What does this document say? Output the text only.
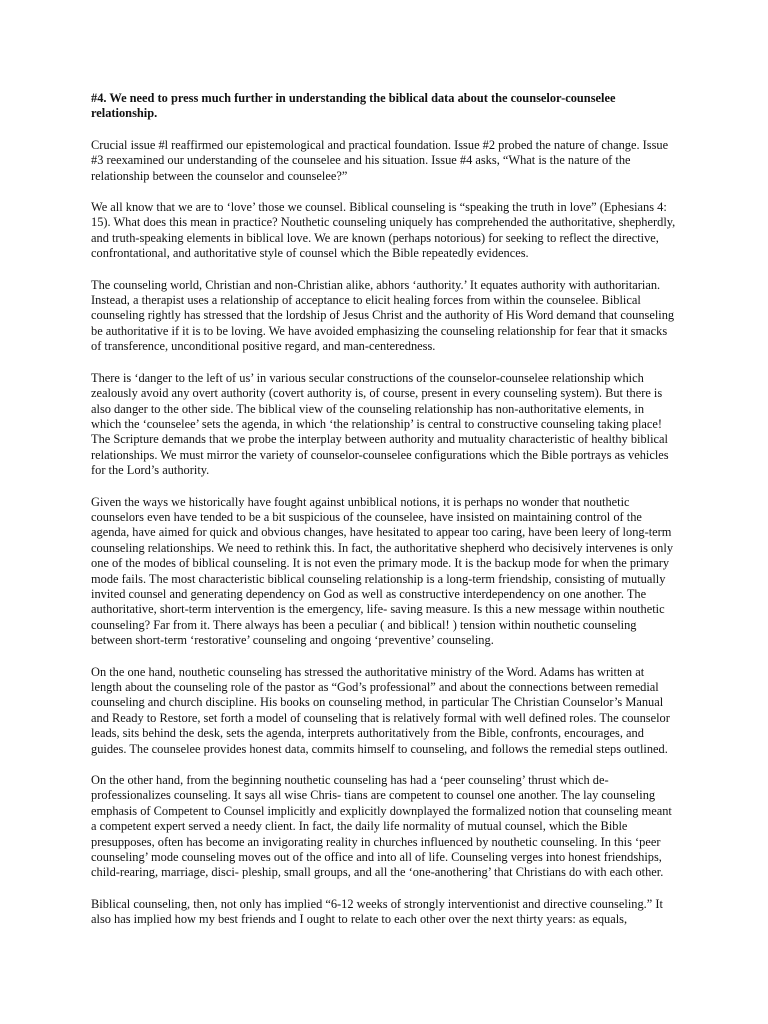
#4. We need to press much further in understanding the biblical data about the counselor-counselee relationship.

Crucial issue #l reaffirmed our epistemological and practical foundation. Issue #2 probed the nature of change. Issue #3 reexamined our understanding of the counselee and his situation. Issue #4 asks, “What is the nature of the relationship between the counselor and counselee?”

We all know that we are to ‘love’ those we counsel. Biblical counseling is “speaking the truth in love” (Ephesians 4: 15). What does this mean in practice? Nouthetic counseling uniquely has comprehended the authoritative, shepherdly, and truth-speaking elements in biblical love. We are known (perhaps notorious) for seeking to reflect the directive, confrontational, and authoritative style of counsel which the Bible repeatedly evidences.

The counseling world, Christian and non-Christian alike, abhors ‘authority.’ It equates authority with authoritarian. Instead, a therapist uses a relationship of acceptance to elicit healing forces from within the counselee. Biblical counseling rightly has stressed that the lordship of Jesus Christ and the authority of His Word demand that counseling be authoritative if it is to be loving. We have avoided emphasizing the counseling relationship for fear that it smacks of transference, unconditional positive regard, and man-centeredness.

There is ‘danger to the left of us’ in various secular constructions of the counselor-counselee relationship which zealously avoid any overt authority (covert authority is, of course, present in every counseling system). But there is also danger to the other side. The biblical view of the counseling relationship has non-authoritative elements, in which the ‘counselee’ sets the agenda, in which ‘the relationship’ is central to constructive counseling taking place! The Scripture demands that we probe the interplay between authority and mutuality characteristic of healthy biblical relationships. We must mirror the variety of counselor-counselee configurations which the Bible portrays as vehicles for the Lord’s authority.

Given the ways we historically have fought against unbiblical notions, it is perhaps no wonder that nouthetic counselors even have tended to be a bit suspicious of the counselee, have insisted on maintaining control of the agenda, have aimed for quick and obvious changes, have hesitated to appear too caring, have been leery of long-term counseling relationships. We need to rethink this. In fact, the authoritative shepherd who decisively intervenes is only one of the modes of biblical counseling. It is not even the primary mode. It is the backup mode for when the primary mode fails. The most characteristic biblical counseling relationship is a long-term friendship, consisting of mutually invited counsel and generating dependency on God as well as constructive interdependency on one another. The authoritative, short-term intervention is the emergency, life- saving measure. Is this a new message within nouthetic counseling? Far from it. There always has been a peculiar ( and biblical! ) tension within nouthetic counseling between short-term ‘restorative’ counseling and ongoing ‘preventive’ counseling.

On the one hand, nouthetic counseling has stressed the authoritative ministry of the Word. Adams has written at length about the counseling role of the pastor as “God’s professional” and about the connections between remedial counseling and church discipline. His books on counseling method, in particular The Christian Counselor’s Manual and Ready to Restore, set forth a model of counseling that is relatively formal with well defined roles. The counselor leads, sits behind the desk, sets the agenda, interprets authoritatively from the Bible, confronts, encourages, and guides. The counselee provides honest data, commits himself to counseling, and follows the remedial steps outlined.

On the other hand, from the beginning nouthetic counseling has had a ‘peer counseling’ thrust which de-professionalizes counseling. It says all wise Chris- tians are competent to counsel one another. The lay counseling emphasis of Competent to Counsel implicitly and explicitly downplayed the formalized notion that counseling meant a competent expert served a needy client. In fact, the daily life normality of mutual counsel, which the Bible presupposes, often has become an invigorating reality in churches influenced by nouthetic counseling. In this ‘peer counseling’ mode counseling moves out of the office and into all of life. Counseling verges into honest friendships, child-rearing, marriage, disci- pleship, small groups, and all the ‘one-anothering’ that Christians do with each other.

Biblical counseling, then, not only has implied “6-12 weeks of strongly interventionist and directive counseling.” It also has implied how my best friends and I ought to relate to each other over the next thirty years: as equals,
